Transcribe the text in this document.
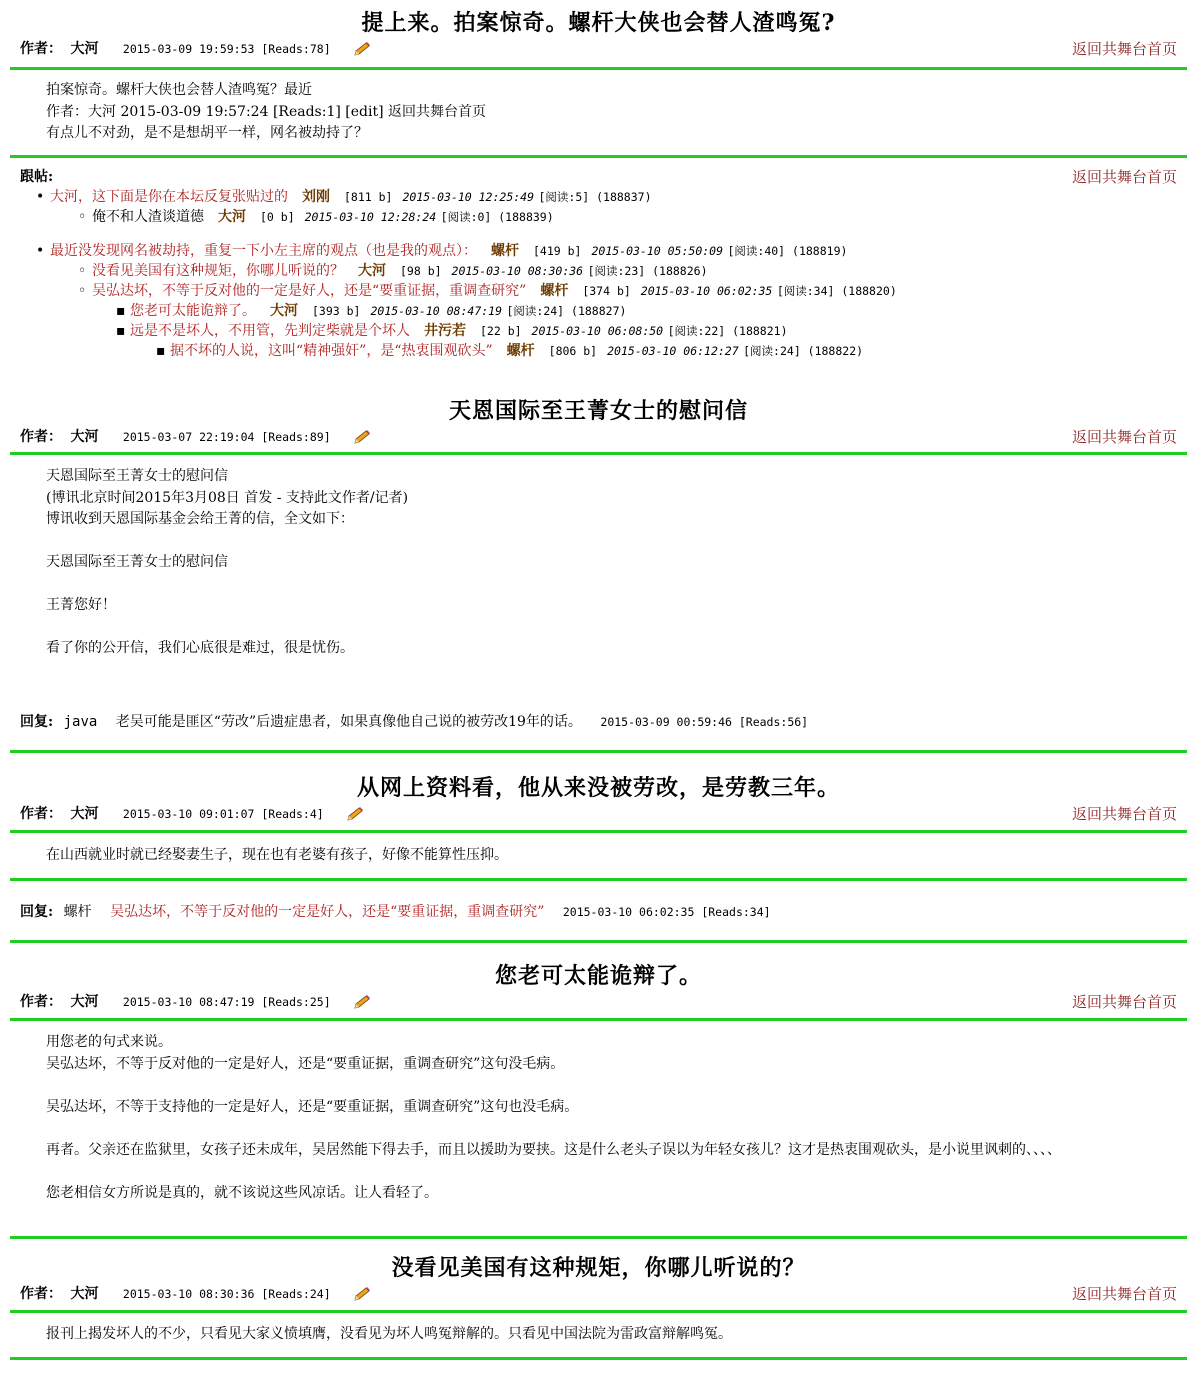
提上来。拍案惊奇。螺杆大侠也会替人渣鸣冤?
作者： 大河 2015-03-09 19:59:53 [Reads:78]	返回共舞台首页
拍案惊奇。螺杆大侠也会替人渣鸣冤？最近
作者：大河 2015-03-09 19:57:24 [Reads:1] [edit] 返回共舞台首页
有点儿不对劲，是不是想胡平一样，网名被劫持了？
跟帖:	返回共舞台首页
• 大河，这下面是你在本坛反复张贴过的 刘刚 [811 b] 2015-03-10 12:25:49 [阅读:5] (188837)
◦ 俺不和人渣谈道德 大河 [0 b] 2015-03-10 12:28:24 [阅读:0] (188839)
• 最近没发现网名被劫持，重复一下小左主席的观点（也是我的观点）： 螺杆 [419 b] 2015-03-10 05:50:09 [阅读:40] (188819)
◦ 没看见美国有这种规矩，你哪儿听说的？ 大河 [98 b] 2015-03-10 08:30:36 [阅读:23] (188826)
◦ 吴弘达坏，不等于反对他的一定是好人，还是“要重证据，重调查研究” 螺杆 [374 b] 2015-03-10 06:02:35 [阅读:34] (188820)
▪ 您老可太能诡辩了。 大河 [393 b] 2015-03-10 08:47:19 [阅读:24] (188827)
▪ 远是不是坏人，不用管，先判定柴就是个坏人 井污若 [22 b] 2015-03-10 06:08:50 [阅读:22] (188821)
▪ 据不坏的人说，这叫“精神强奸”，是“热衷围观砍头” 螺杆 [806 b] 2015-03-10 06:12:27 [阅读:24] (188822)
天恩国际至王菁女士的慰问信
作者： 大河 2015-03-07 22:19:04 [Reads:89]	返回共舞台首页
天恩国际至王菁女士的慰问信
(博讯北京时间2015年3月08日 首发 - 支持此文作者/记者)
博讯收到天恩国际基金会给王菁的信，全文如下：

天恩国际至王菁女士的慰问信

王菁您好！

看了你的公开信，我们心底很是难过，很是忧伤。

回复: java 老吴可能是匪区“劳改”后遗症患者，如果真像他自己说的被劳改19年的话。 2015-03-09 00:59:46 [Reads:56]
从网上资料看，他从来没被劳改，是劳教三年。
作者： 大河 2015-03-10 09:01:07 [Reads:4]	返回共舞台首页
在山西就业时就已经娶妻生子，现在也有老婆有孩子，好像不能算性压抑。
回复: 螺杆 吴弘达坏，不等于反对他的一定是好人，还是“要重证据，重调查研究” 2015-03-10 06:02:35 [Reads:34]
您老可太能诡辩了。
作者： 大河 2015-03-10 08:47:19 [Reads:25]	返回共舞台首页
用您老的句式来说。
吴弘达坏，不等于反对他的一定是好人，还是“要重证据，重调查研究”这句没毛病。

吴弘达坏，不等于支持他的一定是好人，还是“要重证据，重调查研究”这句也没毛病。

再者。父亲还在监狱里，女孩子还未成年，吴居然能下得去手，而且以援助为要挟。这是什么老头子误以为年轻女孩儿？这才是热衷围观砍头，是小说里讽刺的、、、、

您老相信女方所说是真的，就不该说这些风凉话。让人看轻了。
没看见美国有这种规矩，你哪儿听说的？
作者： 大河 2015-03-10 08:30:36 [Reads:24]	返回共舞台首页
报刊上揭发坏人的不少，只看见大家义愤填膺，没看见为坏人鸣冤辩解的。只看见中国法院为雷政富辩解鸣冤。
